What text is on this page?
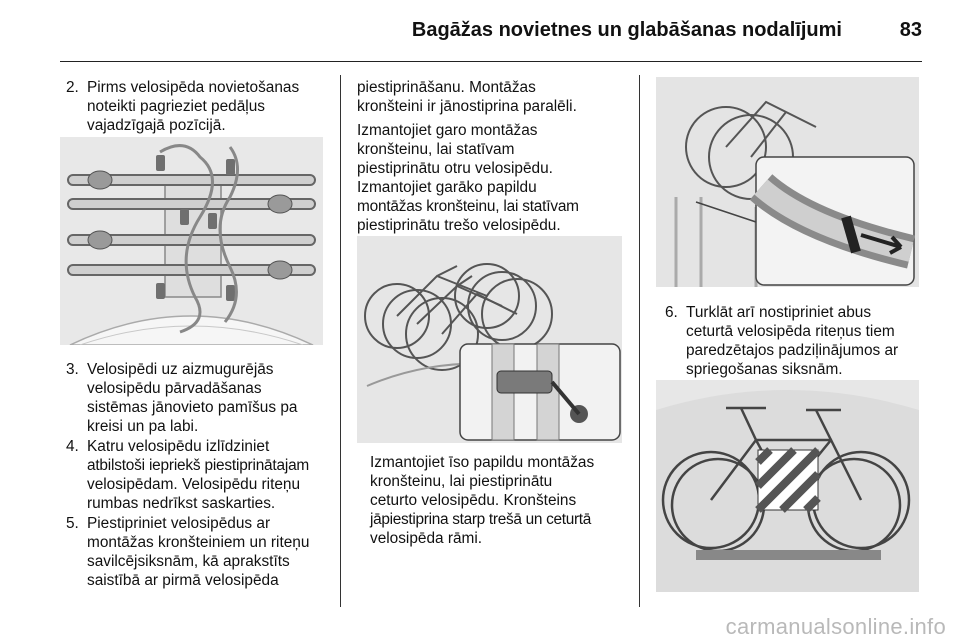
Bagāžas novietnes un glabāšanas nodalījumi	83
2. Pirms velosipēda novietošanas
noteikti pagrieziet pedāļus
vajadzīgajā pozīcijā.
3. Velosipēdi uz aizmugurējās
velosipēdu pārvadāšanas
sistēmas jānovieto pamīšus pa
kreisi un pa labi.
4. Katru velosipēdu izlīdziniet
atbilstoši iepriekš piestiprinātajam
velosipēdam. Velosipēdu riteņu
rumbas nedrīkst saskarties.
5. Piestipriniet velosipēdus ar
montāžas kronšteiniem un riteņu
savilcējsiksnām, kā aprakstīts
saistībā ar pirmā velosipēda
piestiprināšanu. Montāžas
kronšteini ir jānostiprina paralēli.
Izmantojiet garo montāžas
kronšteinu, lai statīvam
piestiprinātu otru velosipēdu.
Izmantojiet garāko papildu
montāžas kronšteinu, lai statīvam
piestiprinātu trešo velosipēdu.
Izmantojiet īso papildu montāžas
kronšteinu, lai piestiprinātu
ceturto velosipēdu. Kronšteins
jāpiestiprina starp trešā un ceturtā
velosipēda rāmi.
6. Turklāt arī nostipriniet abus
ceturtā velosipēda riteņus tiem
paredzētajos padziļinājumos ar
spriegošanas siksnām.
carmanualsonline.info
